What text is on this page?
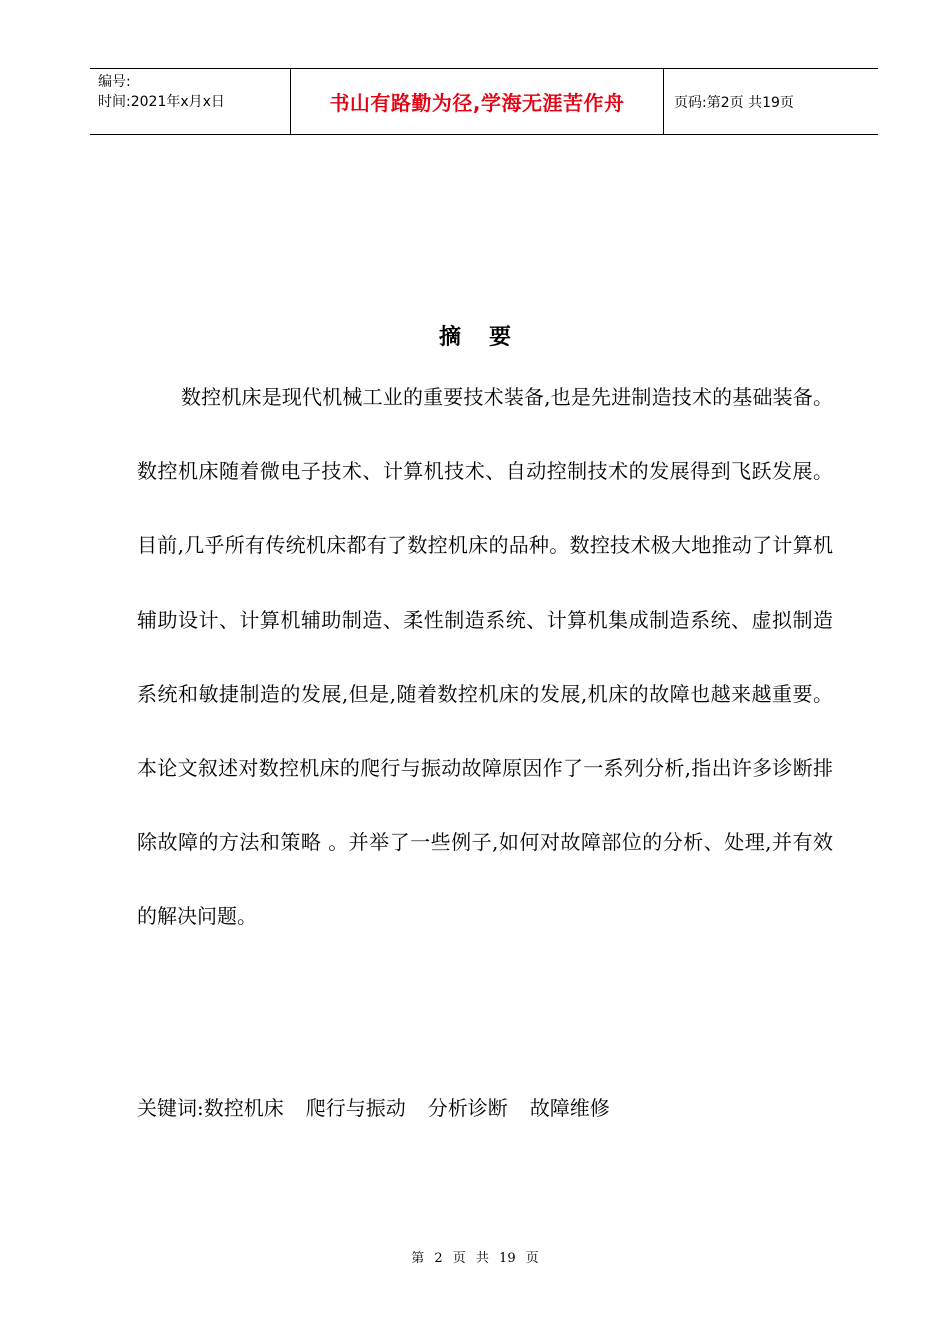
编号:
时间:2021年x月x日	书山有路勤为径,学海无涯苦作舟	页码:第2页 共19页
摘要

数控机床是现代机械工业的重要技术装备,也是先进制造技术的基础装备。数控机床随着微电子技术、计算机技术、自动控制技术的发展得到飞跃发展。目前,几乎所有传统机床都有了数控机床的品种。数控技术极大地推动了计算机辅助设计、计算机辅助制造、柔性制造系统、计算机集成制造系统、虚拟制造系统和敏捷制造的发展,但是,随着数控机床的发展,机床的故障也越来越重要。本论文叙述对数控机床的爬行与振动故障原因作了一系列分析,指出许多诊断排除故障的方法和策略 。并举了一些例子,如何对故障部位的分析、处理,并有效的解决问题。

关键词:数控机床 爬行与振动 分析诊断 故障维修
第 2 页 共 19 页
